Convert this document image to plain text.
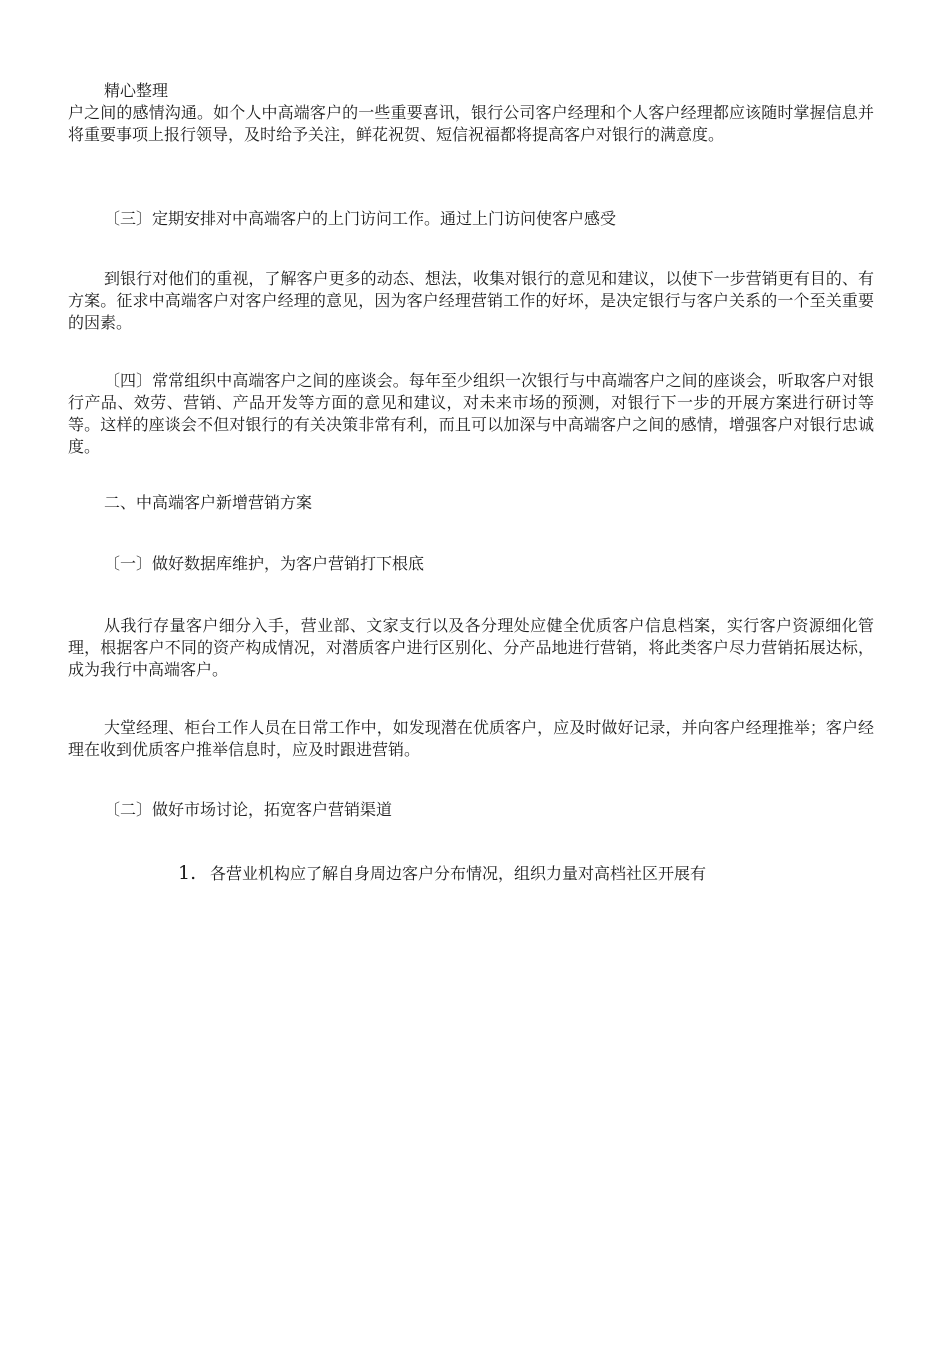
精心整理

户之间的感情沟通。如个人中高端客户的一些重要喜讯，银行公司客户经理和个人客户经理都应该随时掌握信息并将重要事项上报行领导，及时给予关注，鲜花祝贺、短信祝福都将提高客户对银行的满意度。

〔三〕定期安排对中高端客户的上门访问工作。通过上门访问使客户感受

到银行对他们的重视，了解客户更多的动态、想法，收集对银行的意见和建议，以使下一步营销更有目的、有方案。征求中高端客户对客户经理的意见，因为客户经理营销工作的好坏，是决定银行与客户关系的一个至关重要的因素。

〔四〕常常组织中高端客户之间的座谈会。每年至少组织一次银行与中高端客户之间的座谈会，听取客户对银行产品、效劳、营销、产品开发等方面的意见和建议，对未来市场的预测，对银行下一步的开展方案进行研讨等等。这样的座谈会不但对银行的有关决策非常有利，而且可以加深与中高端客户之间的感情，增强客户对银行忠诚度。

二、中高端客户新增营销方案

〔一〕做好数据库维护，为客户营销打下根底

从我行存量客户细分入手，营业部、文家支行以及各分理处应健全优质客户信息档案，实行客户资源细化管理，根据客户不同的资产构成情况，对潜质客户进行区别化、分产品地进行营销，将此类客户尽力营销拓展达标，成为我行中高端客户。

大堂经理、柜台工作人员在日常工作中，如发现潜在优质客户，应及时做好记录，并向客户经理推举；客户经理在收到优质客户推举信息时，应及时跟进营销。

〔二〕做好市场讨论，拓宽客户营销渠道

1. 各营业机构应了解自身周边客户分布情况，组织力量对高档社区开展有
